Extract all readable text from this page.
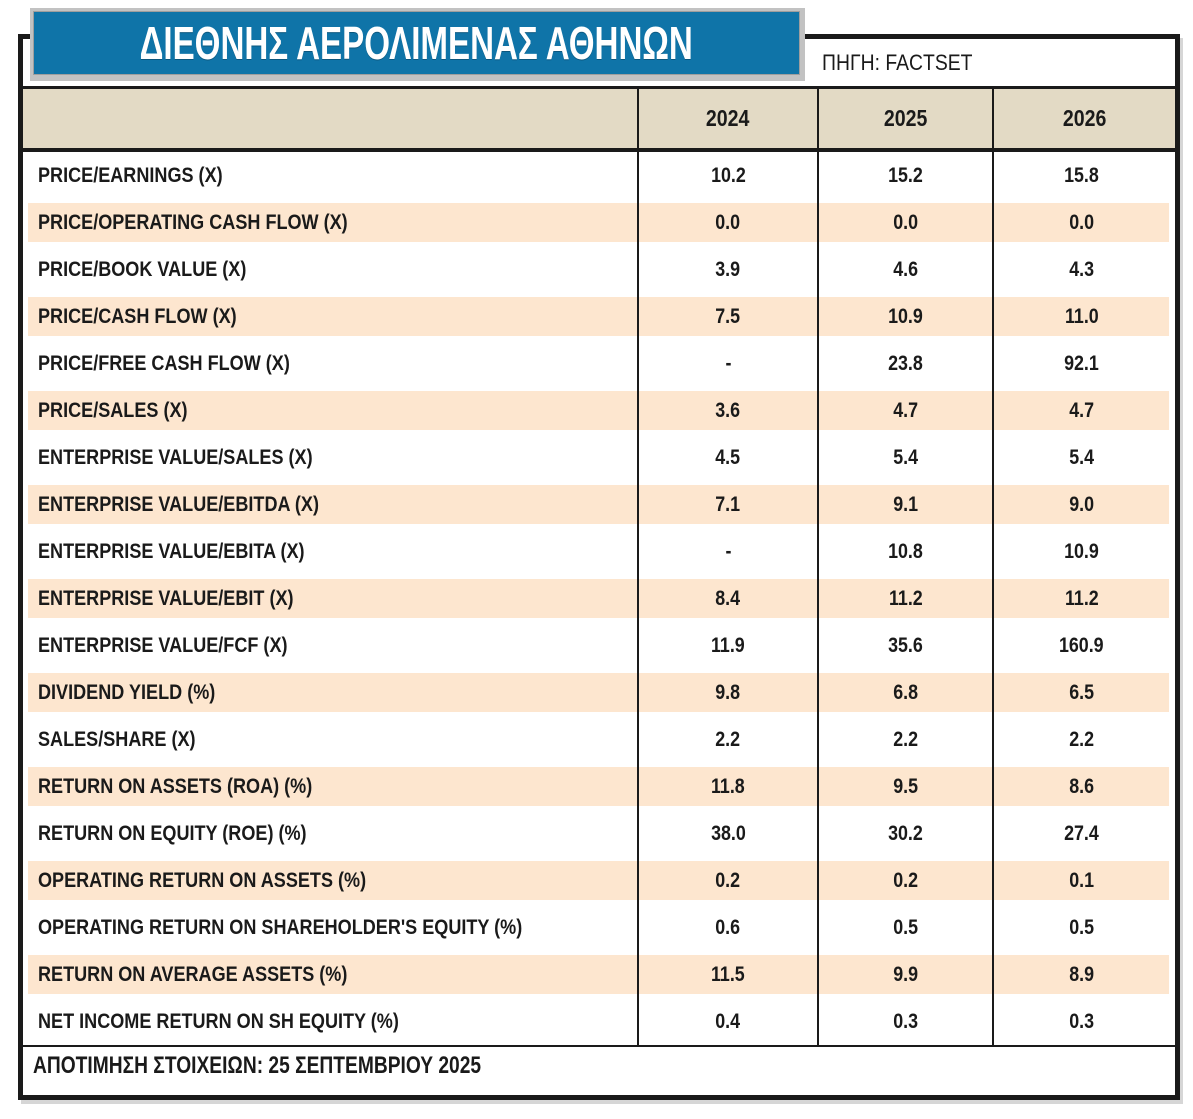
ΠΗΓΗ: FACTSET
	2024	2025	2026
PRICE/EARNINGS (X)	10.2	15.2	15.8
PRICE/OPERATING CASH FLOW (X)	0.0	0.0	0.0
PRICE/BOOK VALUE (X)	3.9	4.6	4.3
PRICE/CASH FLOW (X)	7.5	10.9	11.0
PRICE/FREE CASH FLOW (X)	-	23.8	92.1
PRICE/SALES (X)	3.6	4.7	4.7
ENTERPRISE VALUE/SALES (X)	4.5	5.4	5.4
ENTERPRISE VALUE/EBITDA (X)	7.1	9.1	9.0
ENTERPRISE VALUE/EBITA (X)	-	10.8	10.9
ENTERPRISE VALUE/EBIT (X)	8.4	11.2	11.2
ENTERPRISE VALUE/FCF (X)	11.9	35.6	160.9
DIVIDEND YIELD (%)	9.8	6.8	6.5
SALES/SHARE (X)	2.2	2.2	2.2
RETURN ON ASSETS (ROA) (%)	11.8	9.5	8.6
RETURN ON EQUITY (ROE) (%)	38.0	30.2	27.4
OPERATING RETURN ON ASSETS (%)	0.2	0.2	0.1
OPERATING RETURN ON SHAREHOLDER'S EQUITY (%)	0.6	0.5	0.5
RETURN ON AVERAGE ASSETS (%)	11.5	9.9	8.9
NET INCOME RETURN ON SH EQUITY (%)	0.4	0.3	0.3
ΑΠΟΤΙΜΗΣΗ ΣΤΟΙΧΕΙΩΝ: 25 ΣΕΠΤΕΜΒΡΙΟΥ 2025			
ΔΙΕΘΝΗΣ ΑΕΡΟΛΙΜΕΝΑΣ ΑΘΗΝΩΝ
